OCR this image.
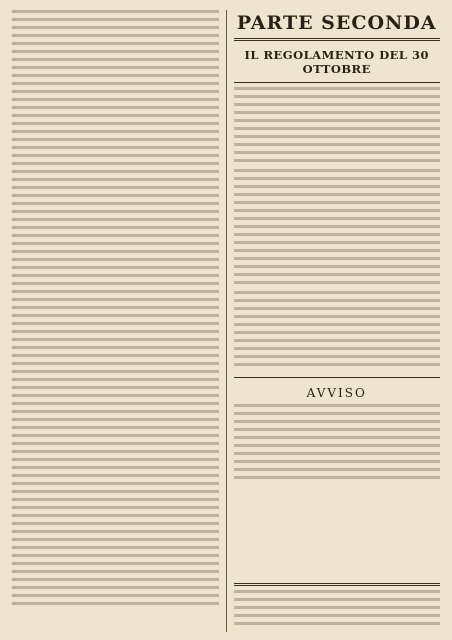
PARTE SECONDA
IL REGOLAMENTO DEL 30 OTTOBRE

AVVISO
